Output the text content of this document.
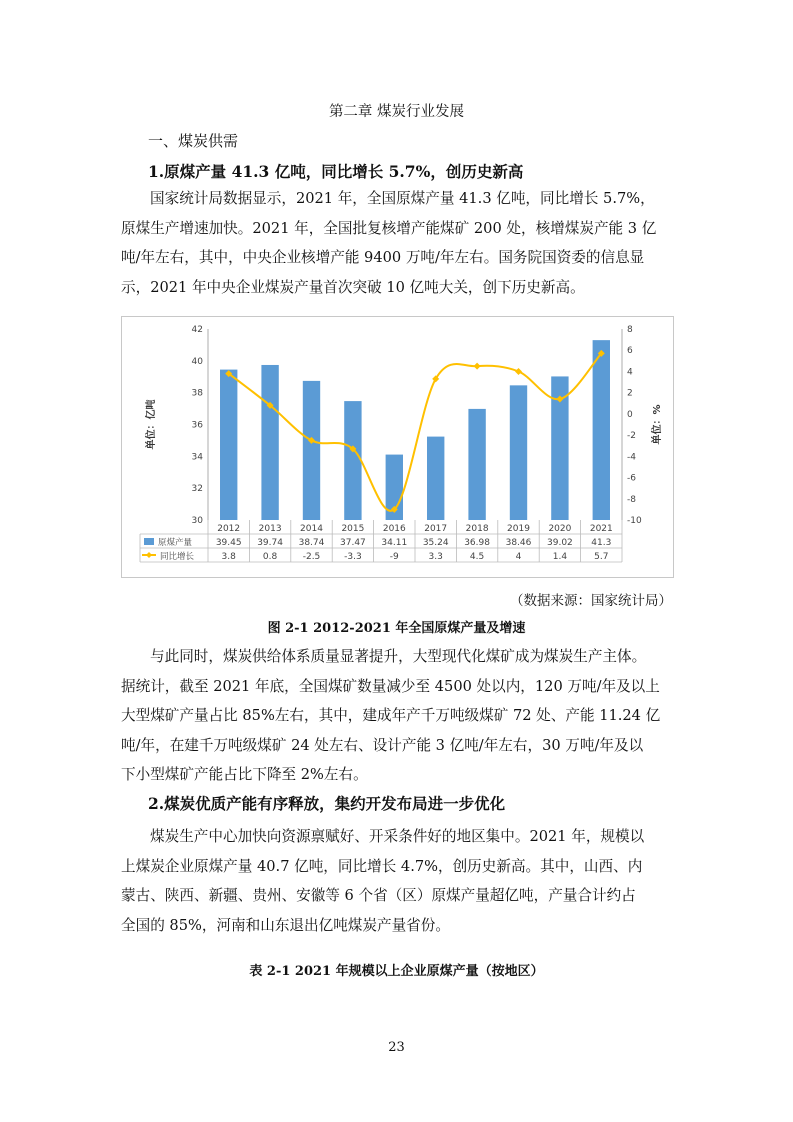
第二章 煤炭行业发展
一、煤炭供需
1.原煤产量 41.3 亿吨，同比增长 5.7%，创历史新高
国家统计局数据显示，2021 年，全国原煤产量 41.3 亿吨，同比增长 5.7%，
原煤生产增速加快。2021 年，全国批复核增产能煤矿 200 处，核增煤炭产能 3 亿
吨/年左右，其中，中央企业核增产能 9400 万吨/年左右。国务院国资委的信息显
示，2021 年中央企业煤炭产量首次突破 10 亿吨大关，创下历史新高。
30
32
34
36
38
40
42
-10
-8
-6
-4
-2
0
2
4
6
8
单位：亿吨	单位：%
2012 2013 2014 2015 2016 2017 2018 2019 2020 2021
原煤产量	39.45 39.74 38.74 37.47 34.11 35.24 36.98 38.46 39.02 41.3
同比增长	3.8	0.8	-2.5	-3.3	-9	3.3	4.5	4	1.4	5.7
（数据来源：国家统计局）
图 2-1 2012-2021 年全国原煤产量及增速
与此同时，煤炭供给体系质量显著提升，大型现代化煤矿成为煤炭生产主体。
据统计，截至 2021 年底，全国煤矿数量减少至 4500 处以内，120 万吨/年及以上
大型煤矿产量占比 85%左右，其中，建成年产千万吨级煤矿 72 处、产能 11.24 亿
吨/年，在建千万吨级煤矿 24 处左右、设计产能 3 亿吨/年左右，30 万吨/年及以
下小型煤矿产能占比下降至 2%左右。
2.煤炭优质产能有序释放，集约开发布局进一步优化
煤炭生产中心加快向资源禀赋好、开采条件好的地区集中。2021 年，规模以
上煤炭企业原煤产量 40.7 亿吨，同比增长 4.7%，创历史新高。其中，山西、内
蒙古、陕西、新疆、贵州、安徽等 6 个省（区）原煤产量超亿吨，产量合计约占
全国的 85%，河南和山东退出亿吨煤炭产量省份。
表 2-1 2021 年规模以上企业原煤产量（按地区）
23
